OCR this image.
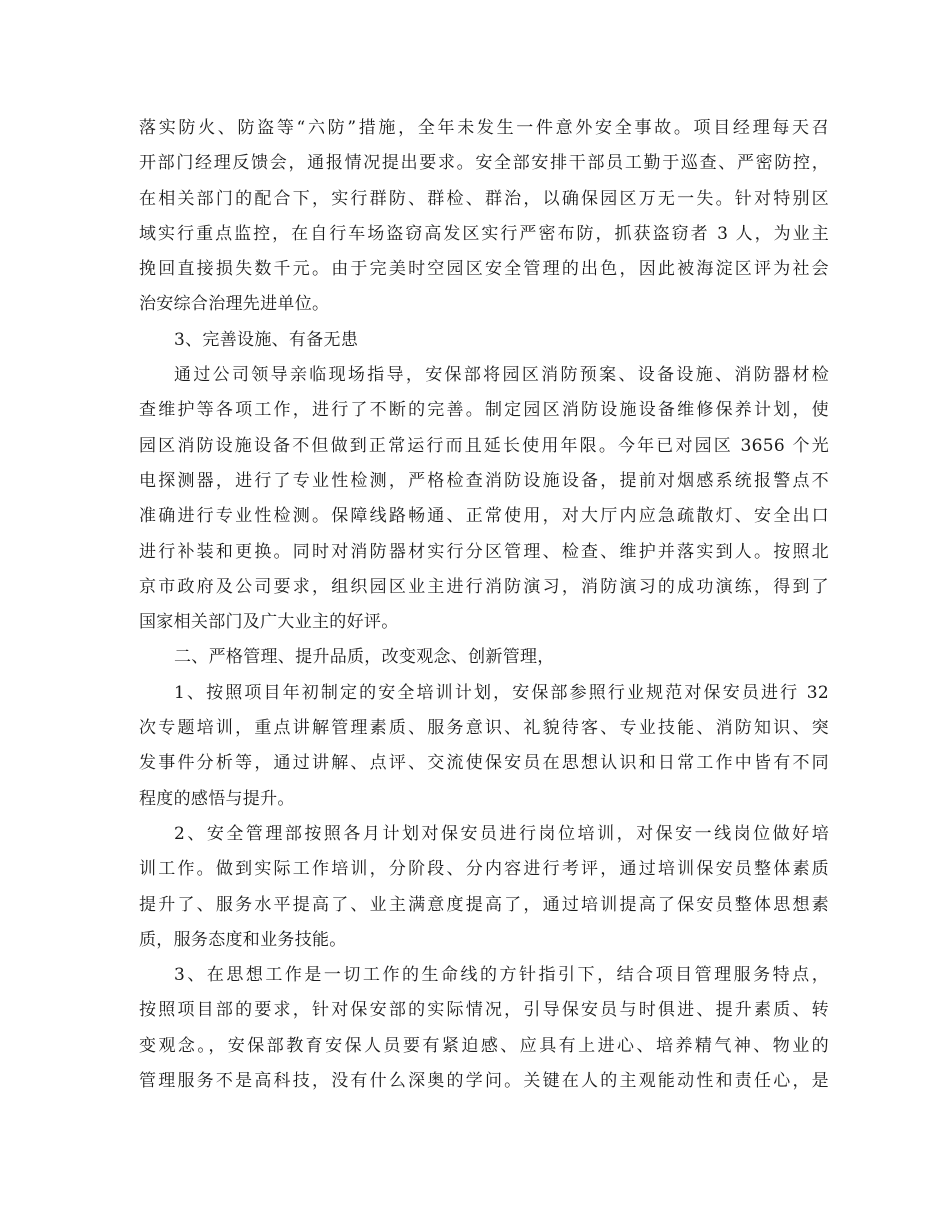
落实防火、防盗等“六防”措施，全年未发生一件意外安全事故。项目经理每天召
开部门经理反馈会，通报情况提出要求。安全部安排干部员工勤于巡查、严密防控，
在相关部门的配合下，实行群防、群检、群治，以确保园区万无一失。针对特别区
域实行重点监控，在自行车场盗窃高发区实行严密布防，抓获盗窃者 3 人，为业主
挽回直接损失数千元。由于完美时空园区安全管理的出色，因此被海淀区评为社会
治安综合治理先进单位。
3、完善设施、有备无患
通过公司领导亲临现场指导，安保部将园区消防预案、设备设施、消防器材检
查维护等各项工作，进行了不断的完善。制定园区消防设施设备维修保养计划，使
园区消防设施设备不但做到正常运行而且延长使用年限。今年已对园区 3656 个光
电探测器，进行了专业性检测，严格检查消防设施设备，提前对烟感系统报警点不
准确进行专业性检测。保障线路畅通、正常使用，对大厅内应急疏散灯、安全出口
进行补装和更换。同时对消防器材实行分区管理、检查、维护并落实到人。按照北
京市政府及公司要求，组织园区业主进行消防演习，消防演习的成功演练，得到了
国家相关部门及广大业主的好评。
二、严格管理、提升品质，改变观念、创新管理，
1、按照项目年初制定的安全培训计划，安保部参照行业规范对保安员进行 32
次专题培训，重点讲解管理素质、服务意识、礼貌待客、专业技能、消防知识、突
发事件分析等，通过讲解、点评、交流使保安员在思想认识和日常工作中皆有不同
程度的感悟与提升。
2、安全管理部按照各月计划对保安员进行岗位培训，对保安一线岗位做好培
训工作。做到实际工作培训，分阶段、分内容进行考评，通过培训保安员整体素质
提升了、服务水平提高了、业主满意度提高了，通过培训提高了保安员整体思想素
质，服务态度和业务技能。
3、在思想工作是一切工作的生命线的方针指引下，结合项目管理服务特点，
按照项目部的要求，针对保安部的实际情况，引导保安员与时俱进、提升素质、转
变观念。，安保部教育安保人员要有紧迫感、应具有上进心、培养精气神、物业的
管理服务不是高科技，没有什么深奥的学问。关键在人的主观能动性和责任心，是
